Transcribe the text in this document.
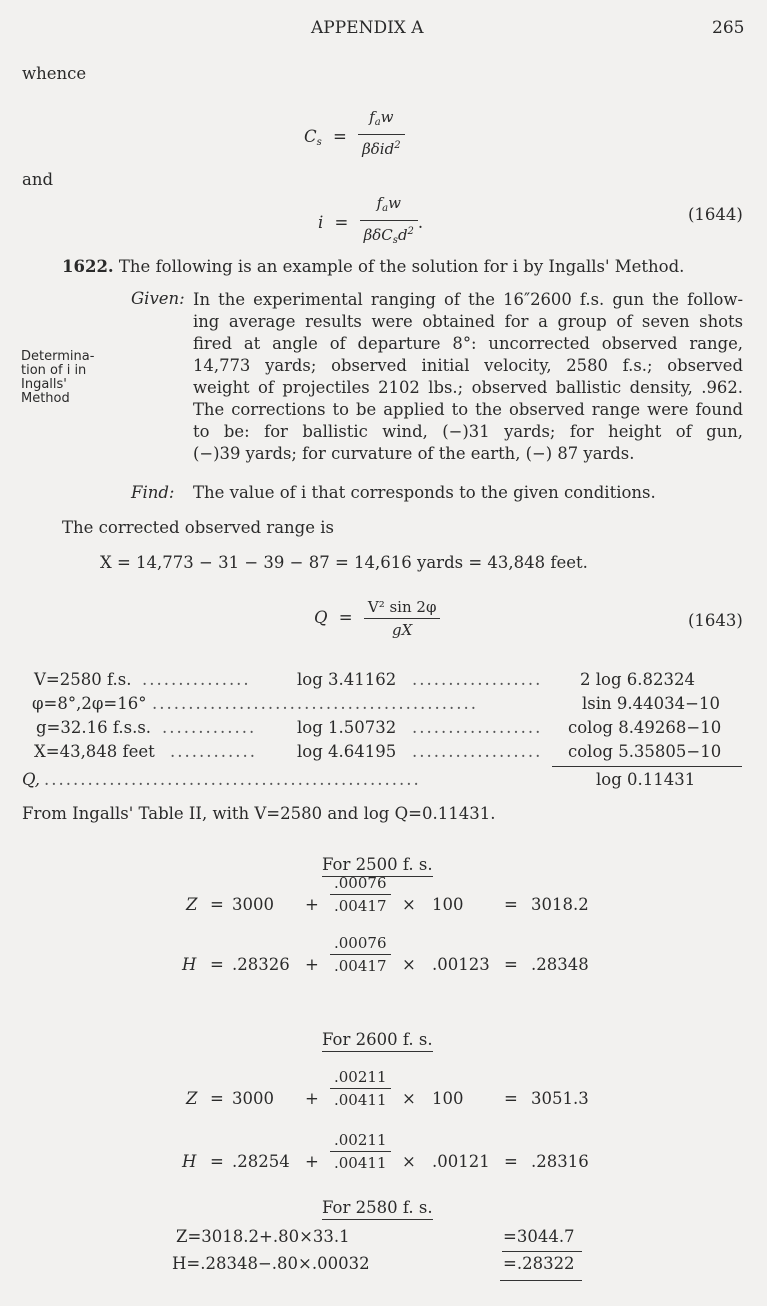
APPENDIX A	265
whence
$C_s = \frac{f_aw}{\beta\delta id^2}$
and
$i = \frac{f_aw}{\beta\delta C_sd^2}$ .	(1644)
1622. The following is an example of the solution for i by Ingalls' Method.
Determina-
tion of i in
Ingalls'
Method
Given: In the experimental ranging of the 16″2600 f.s. gun the follow-
ing average results were obtained for a group of seven shots
fired at angle of departure 8°: uncorrected observed range,
14,773 yards; observed initial velocity, 2580 f.s.; observed
weight of projectiles 2102 lbs.; observed ballistic density, .962.
The corrections to be applied to the observed range were found
to be: for ballistic wind, (−)31 yards; for height of gun,
(−)39 yards; for curvature of the earth, (−) 87 yards.
Find: The value of i that corresponds to the given conditions.
The corrected observed range is
X = 14,773 − 31 − 39 − 87 = 14,616 yards = 43,848 feet.
$Q = \frac{\text{V² sin 2φ}}{gX}$	(1643)
V=2580 f.s. ...............	log 3.41162 .................. 2 log 6.82324
φ=8°,2φ=16° .............................................	lsin 9.44034−10
g=32.16 f.s.s. ............. log 1.50732 .................. colog 8.49268−10
X=43,848 feet ............ log 4.64195 .................. colog 5.35805−10
Q, ....................................................	log 0.11431
From Ingalls' Table II, with V=2580 and log Q=0.11431.
For 2500 f. s.
$Z = 3000 + \frac{.00076}{.00417} \times 100 = 3018.2$
$H = .28326 + \frac{.00076}{.00417} \times .00123 = .28348$
For 2600 f. s.
$Z = 3000 + \frac{.00211}{.00411} \times 100 = 3051.3$
$H = .28254 + \frac{.00211}{.00411} \times .00121 = .28316$
For 2580 f. s.
Z=3018.2+.80×33.1	=3044.7
H=.28348−.80×.00032	=.28322
